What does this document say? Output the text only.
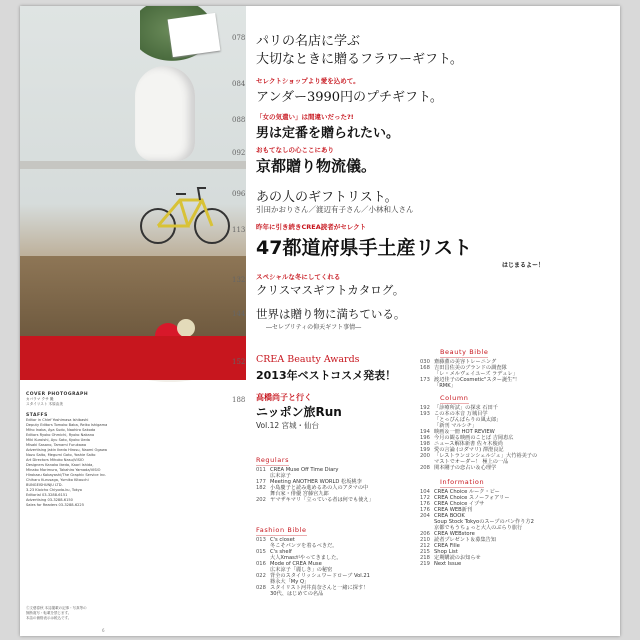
COVER PHOTOGRAPH
カバラマ クサ 撮
スタイリスト 木原由美
STAFFS
Editor in Chief Yoshimasa Ishibashi
Deputy Editors Tomoko Baba, Reiko Ishigama
Miho Inaba, Aya Sudo, Naohiro Sakoda
Editors Ryoko Ohmichi, Ryoko Nakano
Miki Kuroishi, Ayu Sato, Kyoko Ueda
Misaki Sasano, Tamami Furukawa
Advertising Jakin Ikeda Hirosu, Naomi Ogawa
Nozu Saito, Megumi Goto, Yoshie Saito
Art Directors Mihoko Nasu/VISIO
Designers Kanako Ikeda, Kaori Ishida,
Minako Morimura, Takahiro Yamada/VISIO
Hirokazu Kobayashi/The Graphic Service Inc.
Chiharu Kurusaga, Yumiko Kitauchi
BUNGEISHUNJU LTD.
3-23 Kioicho Chiyoda-ku, Tokyo
Editorial 03-3288-6151
Advertising 03-3288-6150
Sales for Readers 03-3288-6225
Ⓒ文藝春秋 本誌掲載の記事・写真等の
無断複写・転載を禁じます。
本誌の価格表示は税込です。
6
078 パリの名店に学ぶ
大切なときに贈るフラワーギフト。
084 セレクトショップより愛を込めて。
アンダー3990円のプチギフト。
088 「女の気遣い」は間違いだった?!
男は定番を贈られたい。
092 おもてなしの心ここにあり
京都贈り物流儀。
096 あの人のギフトリスト。
引田かおりさん／渡辺有子さん／小林和人さん
113 昨年に引き続きCREA読者がセレクト
47都道府県手土産リスト
はじまるよー！
132 スペシャルな冬にしてくれる
クリスマスギフトカタログ。
144 世界は贈り物に満ちている。
―セレブリティの仰天ギフト事情―
152 CREA Beauty Awards
2013年ベストコスメ発表！
188 高橋尚子と行く
ニッポン旅Run
Vol.12 宮城・仙台
Regulars
011 CREA Muse Off Time Diary
広末涼子
177 Meeting ANOTHER WORLD 松坂桃李
182 小島慶子と読み進めるあの人のアタマの中
舞台家・俳優 宮藤官九郎
202 ヤマザキマリ「立っている者は何でも使え」
Fashion Bible
013 C's closet
冬こそパンツを着るべきだ。
015 C's shelf
大人Xmasがやってきました。
016 Mode of CREA Muse
広末涼子「麗しき」の秘密
022 背全のスタイリッシュワードローブ Vol.21
篠永大「My Q」
028 スタイリスト河井真奈さんと一緒に探す！
30代、はじめての名品
Beauty Bible
030 齋藤薫の美容トレーニング
168 吉田昌佐美のブランドの調査隊
「レ・メルヴェイユーズ ラデュレ」
173 渡辺佳子のCosmetic"スター誕生"！
「RMK」
Column
192 「診療所試」の探求 石田千
193 この本の本音 万城目学
「とっぴんぱらりの風太郎」
「新刊 マルシチ」
194 映画＆一冊 HOT REVIEW
196 今月の観る映画のことば 吉岡恵広
198 ニュース解体新書 佐々木俊尚
199 愛の言論 (コダマリ) 澤澄良記
200 「レストランコンシェルジュ」大竹裕美子の
マストでオーダー！ 極上の一品
208 関本剛子の恋占い＆心理学
Information
104 CREA Choice ルーク・ビー
172 CREA Choice スノーフォアリー
176 CREA Choice イプサ
176 CREA WEB新刊
204 CREA BOOK
Soup Stock Tokyoのスープのパン作り方2
京都でもうちょっと大人のぶらり旅行
206 CREA WEBstore
210 読者プレゼント＆募集告知
212 CREA Fille
215 Shop List
218 定期購読のお知らせ
219 Next Issue
